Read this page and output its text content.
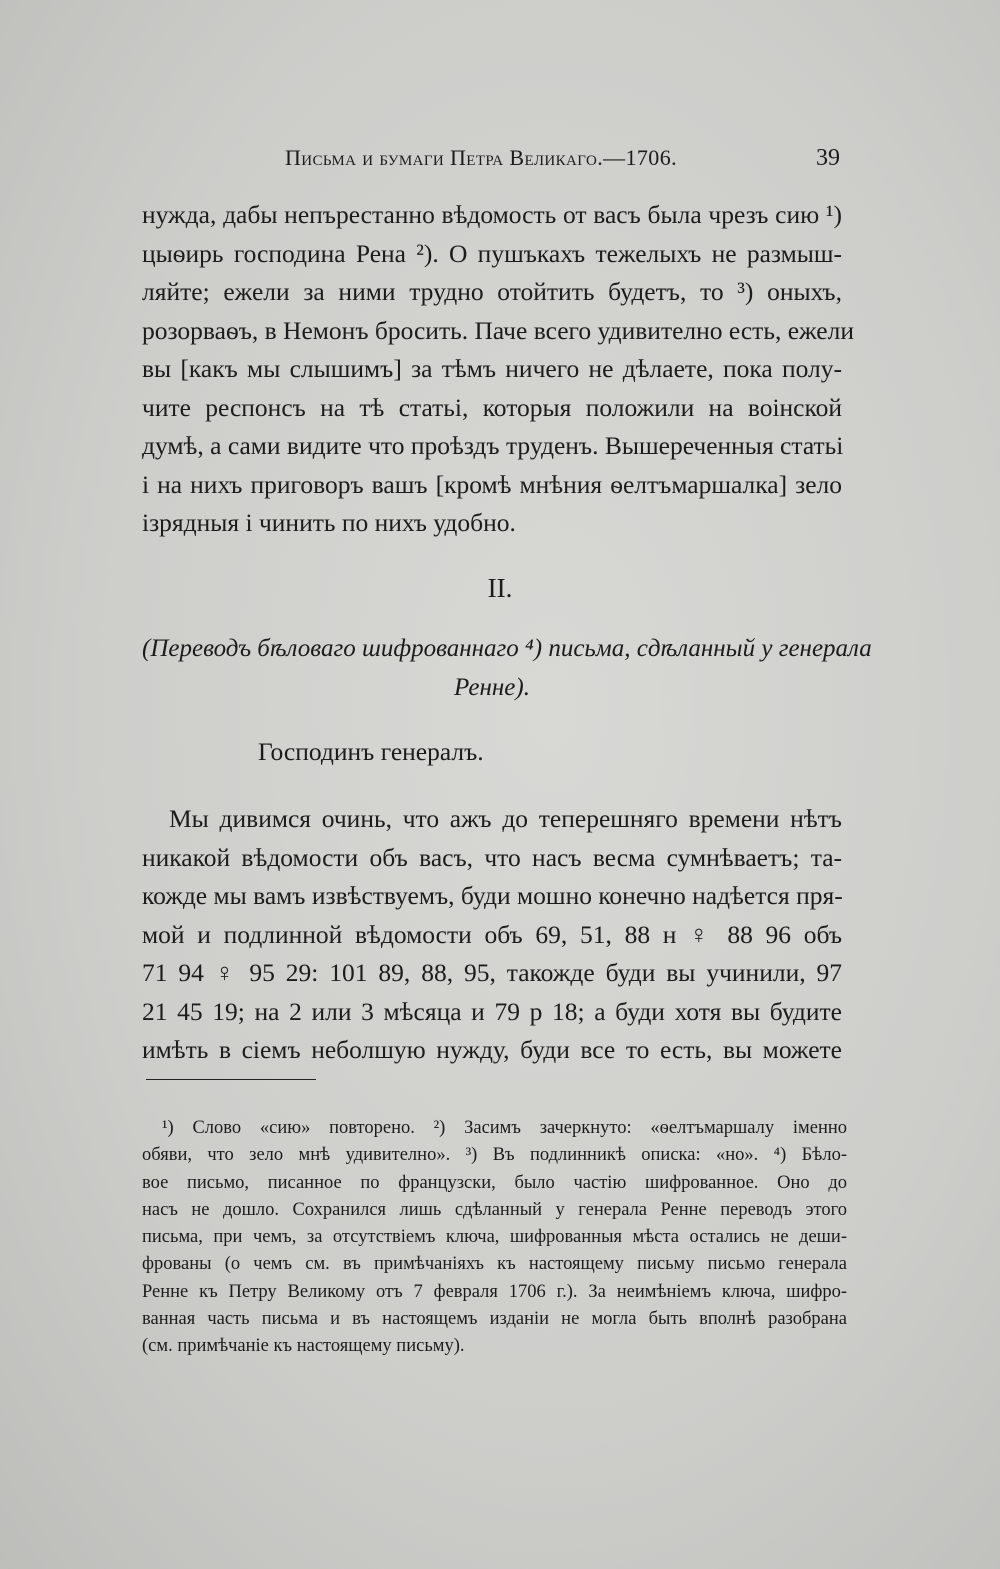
Письма и бумаги Петра Великаго.—1706.	39
нужда, дабы непърестанно вѣдомость от васъ была чрезъ сию ¹)
цыѳирь господина Рена ²). О пушъкахъ тежелыхъ не размыш-
ляйте; ежели за ними трудно отойтить будетъ, то ³) оныхъ,
розорваѳъ, в Немонъ бросить. Паче всего удивително есть, ежели
вы [какъ мы слышимъ] за тѣмъ ничего не дѣлаете, пока полу-
чите респонсъ на тѣ статьі, которыя положили на воінской
думѣ, а сами видите что проѣздъ труденъ. Вышереченныя статьі
і на нихъ приговоръ вашъ [кромѣ мнѣния ѳелтъмаршалка] зело
ізрядныя і чинить по нихъ удобно.
II.
(Переводъ бѣловаго шифрованнаго ⁴) письма, сдѣланный у генерала
Ренне).
Господинъ генералъ.
Мы дивимся очинь, что ажъ до теперешняго времени нѣтъ
никакой вѣдомости объ васъ, что насъ весма сумнѣваетъ; та-
кожде мы вамъ извѣствуемъ, буди мошно конечно надѣется пря-
мой и подлинной вѣдомости объ 69, 51, 88 н ♀ 88 96 объ
71 94 ♀ 95 29: 101 89, 88, 95, такожде буди вы учинили, 97
21 45 19; на 2 или 3 мѣсяца и 79 р 18; а буди хотя вы будите
имѣть в сіемъ неболшую нужду, буди все то есть, вы можете
¹) Слово «сию» повторено. ²) Засимъ зачеркнуто: «ѳелтъмаршалу іменно
обяви, что зело мнѣ удивително». ³) Въ подлинникѣ описка: «но». ⁴) Бѣло-
вое письмо, писанное по французски, было частію шифрованное. Оно до
насъ не дошло. Сохранился лишь сдѣланный у генерала Ренне переводъ этого
письма, при чемъ, за отсутствіемъ ключа, шифрованныя мѣста остались не деши-
фрованы (о чемъ см. въ примѣчаніяхъ къ настоящему письму письмо генерала
Ренне къ Петру Великому отъ 7 февраля 1706 г.). За неимѣніемъ ключа, шифро-
ванная часть письма и въ настоящемъ изданіи не могла быть вполнѣ разобрана
(см. примѣчаніе къ настоящему письму).
